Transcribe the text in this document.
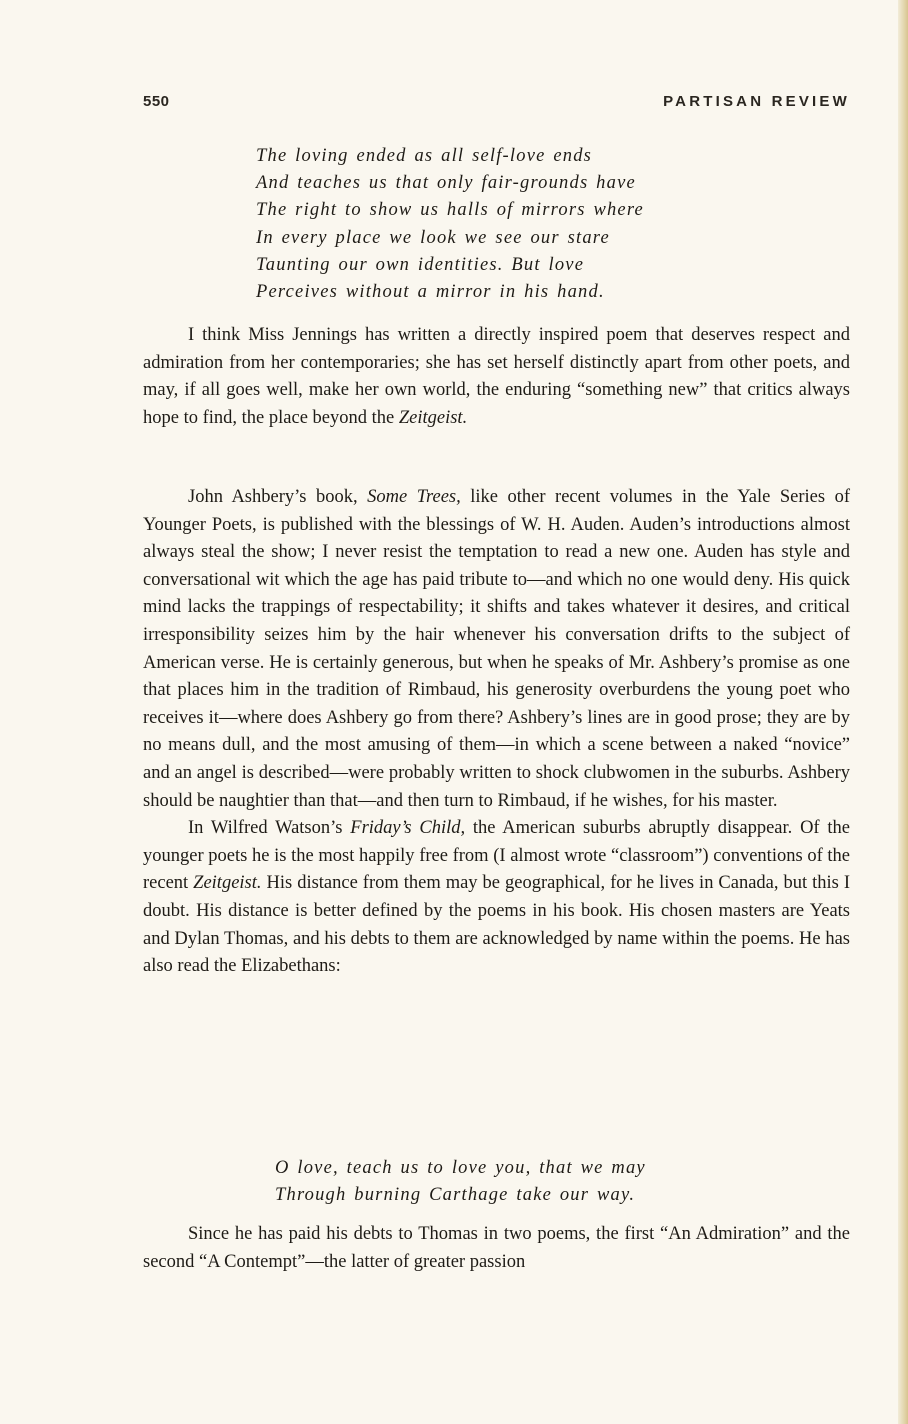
550	PARTISAN REVIEW
The loving ended as all self-love ends
And teaches us that only fair-grounds have
The right to show us halls of mirrors where
In every place we look we see our stare
Taunting our own identities. But love
Perceives without a mirror in his hand.

I think Miss Jennings has written a directly inspired poem that deserves respect and admiration from her contemporaries; she has set herself distinctly apart from other poets, and may, if all goes well, make her own world, the enduring “something new” that critics always hope to find, the place beyond the Zeitgeist.

John Ashbery’s book, Some Trees, like other recent volumes in the Yale Series of Younger Poets, is published with the blessings of W. H. Auden. Auden’s introductions almost always steal the show; I never resist the temptation to read a new one. Auden has style and conversational wit which the age has paid tribute to—and which no one would deny. His quick mind lacks the trappings of respectability; it shifts and takes whatever it desires, and critical irresponsibility seizes him by the hair whenever his conversation drifts to the subject of American verse. He is certainly generous, but when he speaks of Mr. Ashbery’s promise as one that places him in the tradition of Rimbaud, his generosity overburdens the young poet who receives it—where does Ashbery go from there? Ashbery’s lines are in good prose; they are by no means dull, and the most amusing of them—in which a scene between a naked “novice” and an angel is described—were probably written to shock clubwomen in the suburbs. Ashbery should be naughtier than that—and then turn to Rimbaud, if he wishes, for his master.

In Wilfred Watson’s Friday’s Child, the American suburbs abruptly disappear. Of the younger poets he is the most happily free from (I almost wrote “classroom”) conventions of the recent Zeitgeist. His distance from them may be geographical, for he lives in Canada, but this I doubt. His distance is better defined by the poems in his book. His chosen masters are Yeats and Dylan Thomas, and his debts to them are acknowledged by name within the poems. He has also read the Elizabethans:

O love, teach us to love you, that we may
Through burning Carthage take our way.

Since he has paid his debts to Thomas in two poems, the first “An Admiration” and the second “A Contempt”—the latter of greater passion
